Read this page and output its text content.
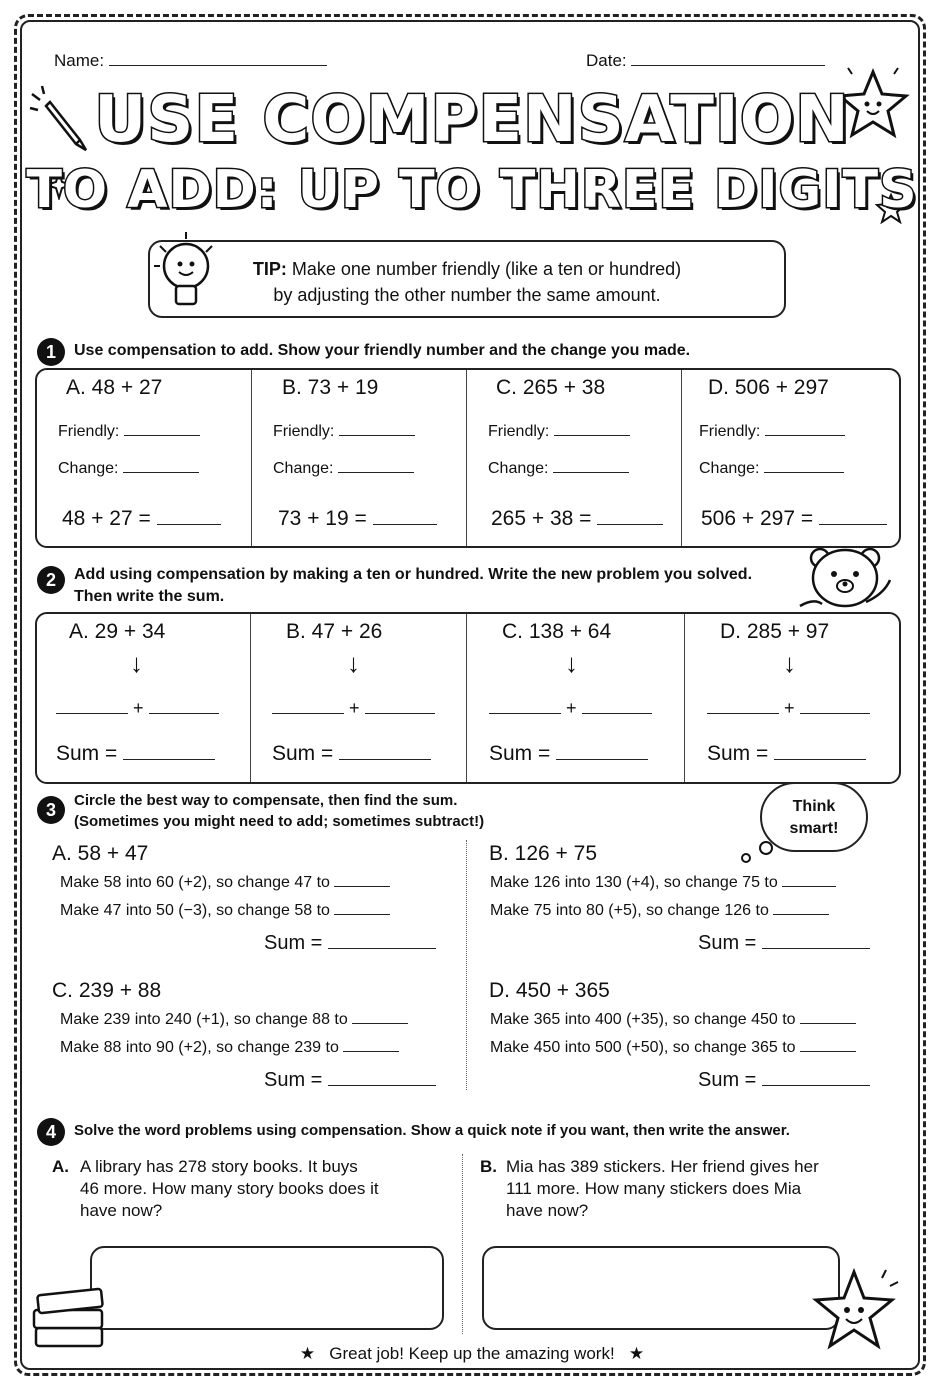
Name:	Date:
USE COMPENSATION
TO ADD: UP TO THREE DIGITS
TIP: Make one number friendly (like a ten or hundred)
by adjusting the other number the same amount.
1	Use compensation to add. Show your friendly number and the change you made.
A. 48 + 27	B. 73 + 19	C. 265 + 38	D. 506 + 297
Friendly:	Friendly:	Friendly:	Friendly:
Change:	Change:	Change:	Change:
48 + 27 =	73 + 19 =	265 + 38 =	506 + 297 =
2	Add using compensation by making a ten or hundred. Write the new problem you solved.
Then write the sum.
A. 29 + 34	B. 47 + 26	C. 138 + 64	D. 285 + 97
↓	↓	↓	↓
+	+	+	+
Sum =	Sum =	Sum =	Sum =
3	Circle the best way to compensate, then find the sum.
(Sometimes you might need to add; sometimes subtract!)
Think
smart!
A. 58 + 47
Make 58 into 60 (+2), so change 47 to
Make 47 into 50 (−3), so change 58 to
Sum =
B. 126 + 75
Make 126 into 130 (+4), so change 75 to
Make 75 into 80 (+5), so change 126 to
Sum =
C. 239 + 88
Make 239 into 240 (+1), so change 88 to
Make 88 into 90 (+2), so change 239 to
Sum =
D. 450 + 365
Make 365 into 400 (+35), so change 450 to
Make 450 into 500 (+50), so change 365 to
Sum =
4	Solve the word problems using compensation. Show a quick note if you want, then write the answer.
A. A library has 278 story books. It buys
46 more. How many story books does it
have now?
B. Mia has 389 stickers. Her friend gives her
111 more. How many stickers does Mia
have now?
★ Great job! Keep up the amazing work! ★
